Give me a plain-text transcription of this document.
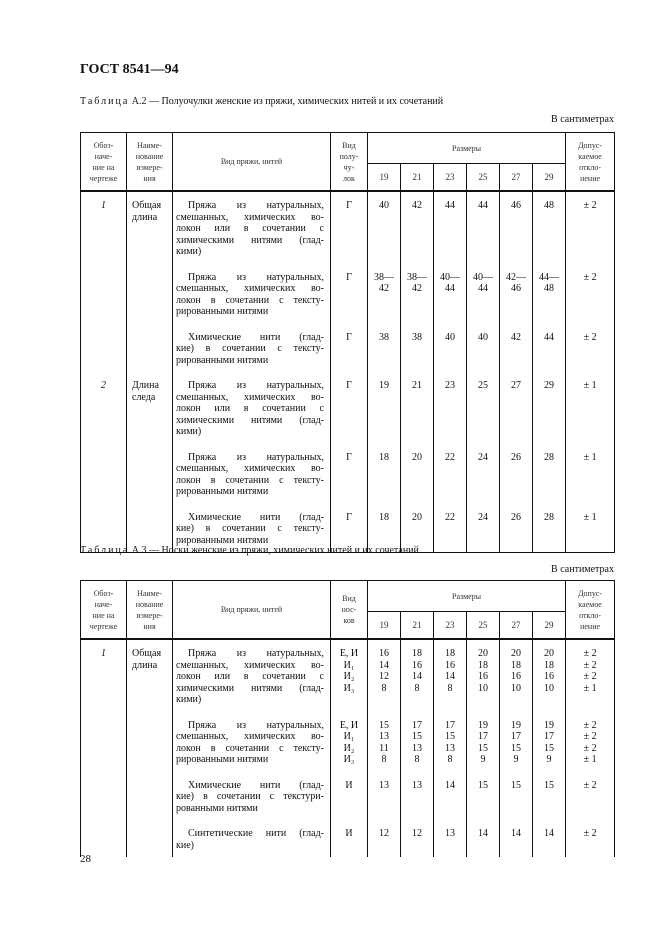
ГОСТ 8541—94
Таблица А.2 — Полуочулки женские из пряжи, химических нитей и их сочетаний
В сантиметрах
Обоз-
наче-
ние на
чертеже	Наиме-
нование
измере-
ния	Вид пряжи, нитей	Вид
полу-
чу-
лок	Размеры						Допус-
каемое
откло-
нение
				19	21	23	25	27	29	
1	Общая
длина	Пряжа из натуральных,
смешанных, химических во-
локон или в сочетании с
химическими нитями (глад-
кими)	Г	40	42	44	44	46	48	± 2

		Пряжа из натуральных,
смешанных, химических во-
локон в сочетании с тексту-
рированными нитями	Г	38—
42	38—
42	40—
44	40—
44	42—
46	44—
48	± 2

		Химические нити (глад-
кие) в сочетании с тексту-
рированными нитями	Г	38	38	40	40	42	44	± 2

2	Длина
следа	Пряжа из натуральных,
смешанных, химических во-
локон или в сочетании с
химическими нитями (глад-
кими)	Г	19	21	23	25	27	29	± 1

		Пряжа из натуральных,
смешанных, химических во-
локон в сочетании с тексту-
рированными нитями	Г	18	20	22	24	26	28	± 1

		Химические нити (глад-
кие) в сочетании с тексту-
рированными нитями	Г	18	20	22	24	26	28	± 1
Таблица А.3 — Носки женские из пряжи, химических нитей и их сочетаний
В сантиметрах
Обоз-
наче-
ние на
чертеже	Наиме-
нование
измере-
ния	Вид пряжи, нитей	Вид
нос-
ков	Размеры						Допус-
каемое
откло-
нение
				19	21	23	25	27	29	
1	Общая
длина	Пряжа из натуральных,
смешанных, химических во-
локон или в сочетании с
химическими нитями (глад-
кими)	Е, И
И₁
И₂
И₃	16
14
12
8	18
16
14
8	18
16
14
8	20
18
16
10	20
18
16
10	20
18
16
10	± 2
± 2
± 2
± 1

		Пряжа из натуральных,
смешанных, химических во-
локон в сочетании с тексту-
рированными нитями	Е, И
И₁
И₂
И₃	15
13
11
8	17
15
13
8	17
15
13
8	19
17
15
9	19
17
15
9	19
17
15
9	± 2
± 2
± 2
± 1

		Химические нити (глад-
кие) в сочетании с текстури-
рованными нитями	И	13	13	14	15	15	15	± 2

		Синтетические нити (глад-
кие)	И	12	12	13	14	14	14	± 2
28
